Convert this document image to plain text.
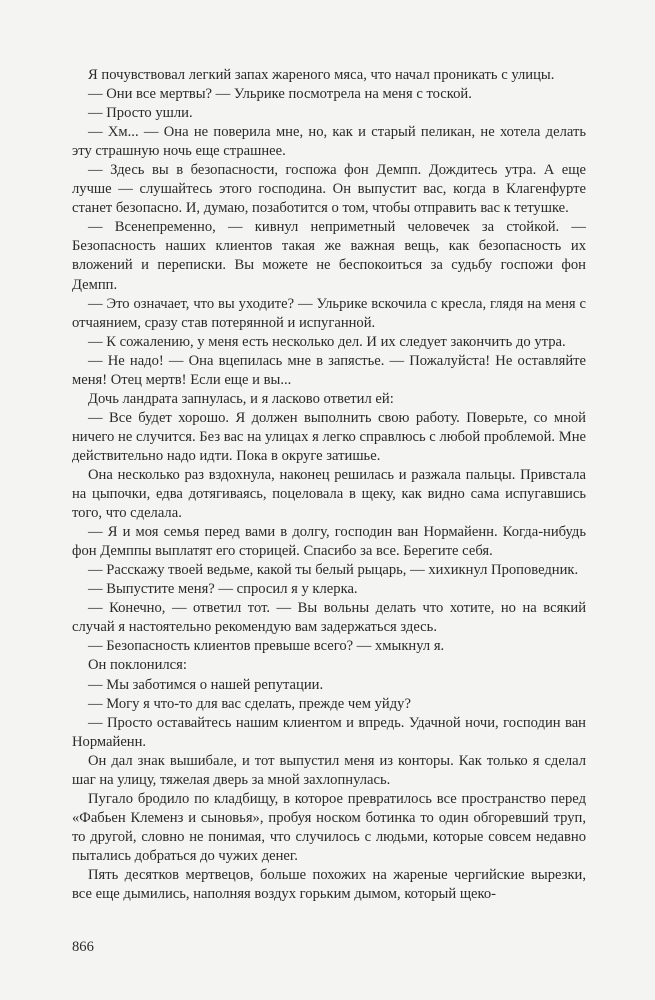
Я почувствовал легкий запах жареного мяса, что начал проникать с улицы.

— Они все мертвы? — Ульрике посмотрела на меня с тоской.

— Просто ушли.

— Хм... — Она не поверила мне, но, как и старый пеликан, не хотела делать эту страшную ночь еще страшнее.

— Здесь вы в безопасности, госпожа фон Демпп. Дождитесь утра. А еще лучше — слушайтесь этого господина. Он выпустит вас, когда в Клагенфурте станет безопасно. И, думаю, позаботится о том, чтобы отправить вас к тетушке.

— Всенепременно, — кивнул неприметный человечек за стойкой. — Безопасность наших клиентов такая же важная вещь, как безопасность их вложений и переписки. Вы можете не беспокоиться за судьбу госпожи фон Демпп.

— Это означает, что вы уходите? — Ульрике вскочила с кресла, глядя на меня с отчаянием, сразу став потерянной и испуганной.

— К сожалению, у меня есть несколько дел. И их следует закончить до утра.

— Не надо! — Она вцепилась мне в запястье. — Пожалуйста! Не оставляйте меня! Отец мертв! Если еще и вы...

Дочь ландрата запнулась, и я ласково ответил ей:

— Все будет хорошо. Я должен выполнить свою работу. Поверьте, со мной ничего не случится. Без вас на улицах я легко справлюсь с любой проблемой. Мне действительно надо идти. Пока в округе затишье.

Она несколько раз вздохнула, наконец решилась и разжала пальцы. Привстала на цыпочки, едва дотягиваясь, поцеловала в щеку, как видно сама испугавшись того, что сделала.

— Я и моя семья перед вами в долгу, господин ван Нормайенн. Когда-нибудь фон Демппы выплатят его сторицей. Спасибо за все. Берегите себя.

— Расскажу твоей ведьме, какой ты белый рыцарь, — хихикнул Проповедник.

— Выпустите меня? — спросил я у клерка.

— Конечно, — ответил тот. — Вы вольны делать что хотите, но на всякий случай я настоятельно рекомендую вам задержаться здесь.

— Безопасность клиентов превыше всего? — хмыкнул я.

Он поклонился:

— Мы заботимся о нашей репутации.

— Могу я что-то для вас сделать, прежде чем уйду?

— Просто оставайтесь нашим клиентом и впредь. Удачной ночи, господин ван Нормайенн.

Он дал знак вышибале, и тот выпустил меня из конторы. Как только я сделал шаг на улицу, тяжелая дверь за мной захлопнулась.

Пугало бродило по кладбищу, в которое превратилось все пространство перед «Фабьен Клеменз и сыновья», пробуя носком ботинка то один обгоревший труп, то другой, словно не понимая, что случилось с людьми, которые совсем недавно пытались добраться до чужих денег.

Пять десятков мертвецов, больше похожих на жареные чергийские вырезки, все еще дымились, наполняя воздух горьким дымом, который щеко-

866
